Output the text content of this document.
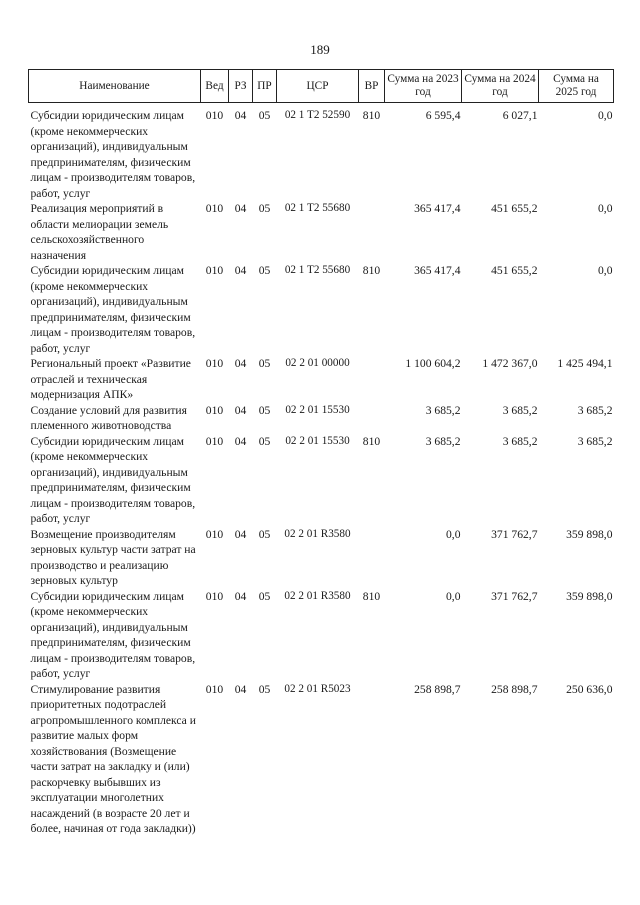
189
Наименование	Вед	РЗ	ПР	ЦСР	ВР	Сумма на 2023 год	Сумма на 2024 год	Сумма на 2025 год
Субсидии юридическим лицам (кроме некоммерческих организаций), индивидуальным предпринимателям, физическим лицам - производителям товаров, работ, услуг	010	04	05	02 1 T2 52590	810	6 595,4	6 027,1	0,0
Реализация мероприятий в области мелиорации земель сельскохозяйственного назначения	010	04	05	02 1 T2 55680		365 417,4	451 655,2	0,0
Субсидии юридическим лицам (кроме некоммерческих организаций), индивидуальным предпринимателям, физическим лицам - производителям товаров, работ, услуг	010	04	05	02 1 T2 55680	810	365 417,4	451 655,2	0,0
Региональный проект «Развитие отраслей и техническая модернизация АПК»	010	04	05	02 2 01 00000		1 100 604,2	1 472 367,0	1 425 494,1
Создание условий для развития племенного животноводства	010	04	05	02 2 01 15530		3 685,2	3 685,2	3 685,2
Субсидии юридическим лицам (кроме некоммерческих организаций), индивидуальным предпринимателям, физическим лицам - производителям товаров, работ, услуг	010	04	05	02 2 01 15530	810	3 685,2	3 685,2	3 685,2
Возмещение производителям зерновых культур части затрат на производство и реализацию зерновых культур	010	04	05	02 2 01 R3580		0,0	371 762,7	359 898,0
Субсидии юридическим лицам (кроме некоммерческих организаций), индивидуальным предпринимателям, физическим лицам - производителям товаров, работ, услуг	010	04	05	02 2 01 R3580	810	0,0	371 762,7	359 898,0
Стимулирование развития приоритетных подотраслей агропромышленного комплекса и развитие малых форм хозяйствования (Возмещение части затрат на закладку и (или) раскорчевку выбывших из эксплуатации многолетних насаждений (в возрасте 20 лет и более, начиная от года закладки))	010	04	05	02 2 01 R5023		258 898,7	258 898,7	250 636,0
